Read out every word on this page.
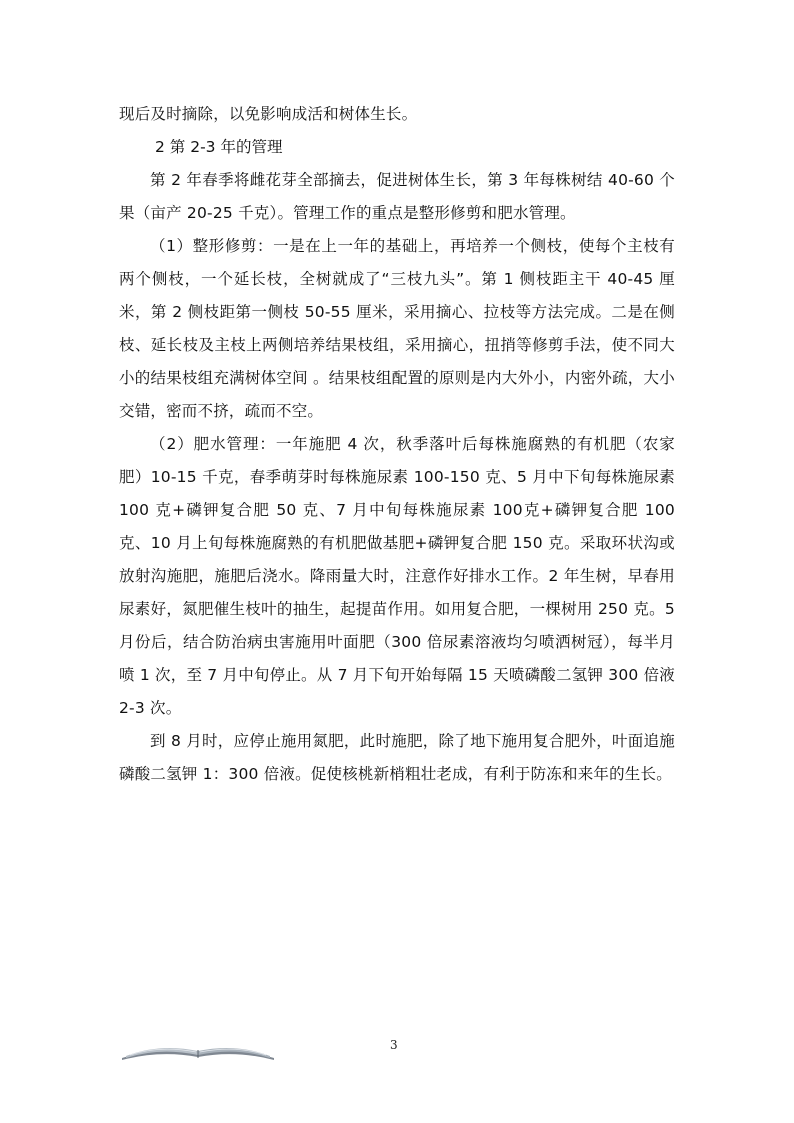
现后及时摘除，以免影响成活和树体生长。

2 第 2-3 年的管理

第 2 年春季将雌花芽全部摘去，促进树体生长，第 3 年每株树结 40-60 个果（亩产 20-25 千克）。管理工作的重点是整形修剪和肥水管理。

（1）整形修剪：一是在上一年的基础上，再培养一个侧枝，使每个主枝有两个侧枝，一个延长枝，全树就成了“三枝九头”。第 1 侧枝距主干 40-45 厘米，第 2 侧枝距第一侧枝 50-55 厘米，采用摘心、拉枝等方法完成。二是在侧枝、延长枝及主枝上两侧培养结果枝组，采用摘心，扭捎等修剪手法，使不同大小的结果枝组充满树体空间 。结果枝组配置的原则是内大外小，内密外疏，大小交错，密而不挤，疏而不空。

（2）肥水管理：一年施肥 4 次，秋季落叶后每株施腐熟的有机肥（农家肥）10-15 千克，春季萌芽时每株施尿素 100-150 克、5 月中下旬每株施尿素 100 克+磷钾复合肥 50 克、7 月中旬每株施尿素 100克+磷钾复合肥 100 克、10 月上旬每株施腐熟的有机肥做基肥+磷钾复合肥 150 克。采取环状沟或放射沟施肥，施肥后浇水。降雨量大时，注意作好排水工作。2 年生树，早春用尿素好，氮肥催生枝叶的抽生，起提苗作用。如用复合肥，一棵树用 250 克。5 月份后，结合防治病虫害施用叶面肥（300 倍尿素溶液均匀喷洒树冠），每半月喷 1 次，至 7 月中旬停止。从 7 月下旬开始每隔 15 天喷磷酸二氢钾 300 倍液 2-3 次。

到 8 月时，应停止施用氮肥，此时施肥，除了地下施用复合肥外，叶面追施磷酸二氢钾 1：300 倍液。促使核桃新梢粗壮老成，有利于防冻和来年的生长。

3
